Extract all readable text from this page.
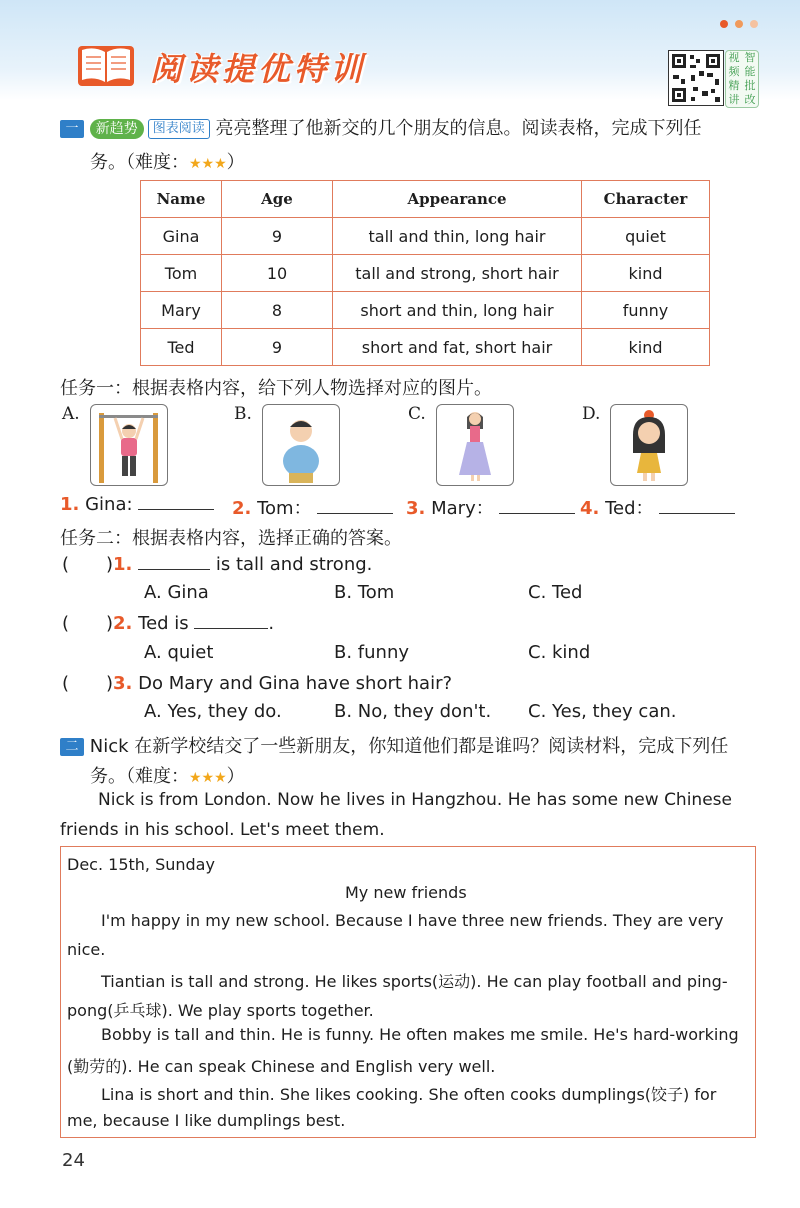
阅读提优特训	视 智
频 能
精 批
讲 改
一 新趋势 图表阅读 亮亮整理了他新交的几个朋友的信息。阅读表格，完成下列任
务。（难度：★★★）
Name	Age	Appearance	Character
Gina	9	tall and thin, long hair	quiet
Tom	10	tall and strong, short hair	kind
Mary	8	short and thin, long hair	funny
Ted	9	short and fat, short hair	kind
任务一：根据表格内容，给下列人物选择对应的图片。
A.	B.	C.	D.
1. Gina:	2. Tom：	3. Mary：	4. Ted：
任务二：根据表格内容，选择正确的答案。
( )1.	is tall and strong.
A. Gina	B. Tom	C. Ted
( )2. Ted is	.
A. quiet	B. funny	C. kind
( )3. Do Mary and Gina have short hair?
A. Yes, they do.	B. No, they don't. C. Yes, they can.
二 Nick 在新学校结交了一些新朋友，你知道他们都是谁吗？阅读材料，完成下列任
务。（难度：★★★）
Nick is from London. Now he lives in Hangzhou. He has some new Chinese
friends in his school. Let's meet them.
Dec. 15th, Sunday
My new friends
I'm happy in my new school. Because I have three new friends. They are very
nice.
Tiantian is tall and strong. He likes sports(运动). He can play football and ping-
pong(乒乓球). We play sports together.
Bobby is tall and thin. He is funny. He often makes me smile. He's hard-working
(勤劳的). He can speak Chinese and English very well.
Lina is short and thin. She likes cooking. She often cooks dumplings(饺子) for
me, because I like dumplings best.
24
